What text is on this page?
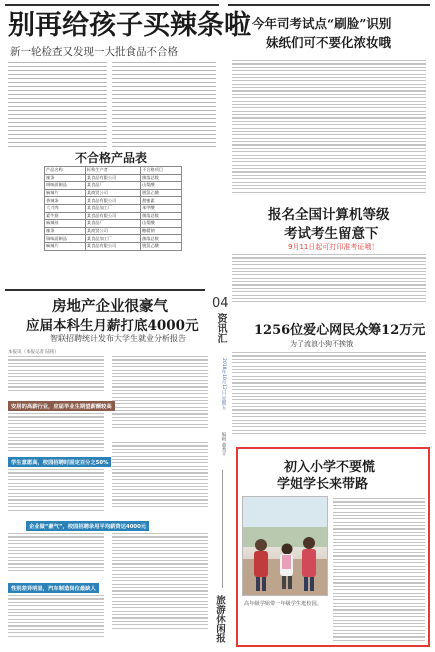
别再给孩子买辣条啦
新一轮检查又发现一大批食品不合格
不合格产品表
产品名称	标称生产者	不合格项目
辣条	某食品有限公司	菌落总数
调味面制品	某食品厂	山梨酸
麻辣片	某商贸公司	脱氢乙酸
香辣条	某食品有限公司	甜蜜素
大刀肉	某食品加工厂	苯甲酸
素牛筋	某食品有限公司	菌落总数
麻辣丝	某食品厂	山梨酸
辣条	某商贸公司	糖精钠
调味面制品	某食品加工厂	菌落总数
麻辣片	某食品有限公司	脱氢乙酸
房地产企业很豪气
应届本科生月薪打底4000元
智联招聘统计发布大学生就业分析报告
本报讯（本报记者 陆铭）
安居的高薪行业，应届毕业生期望薪酬较高
学生意愿高，校园招聘时固定百分之50%
企业做“豪气”，校园招聘录用平均薪资达4000元
性别差异明显，汽车制造岗位最缺人
04
资讯汇
2018年10月12日 星期五
编辑 董秀平
旅游休闲报
今年司考试点“刷脸”识别
妹纸们可不要化浓妆哦
报名全国计算机等级
考试考生留意下
9月11日起可打印准考证哦！
1256位爱心网民众筹12万元
为了流浪小狗不挨饿
初入小学不要慌
学姐学长来带路
高年级学姐带一年级学生逛校园。
